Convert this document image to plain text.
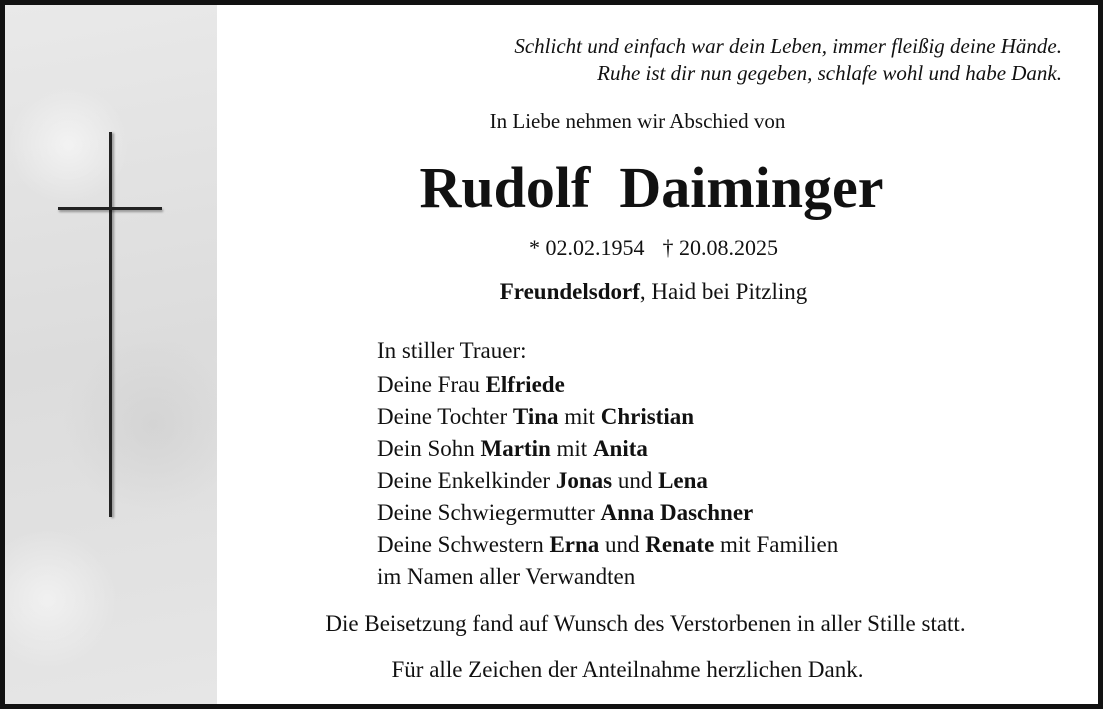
Schlicht und einfach war dein Leben, immer fleißig deine Hände.
Ruhe ist dir nun gegeben, schlafe wohl und habe Dank.
In Liebe nehmen wir Abschied von
Rudolf  Daiminger
* 02.02.1954 † 20.08.2025
Freundelsdorf, Haid bei Pitzling
In stiller Trauer:
Deine Frau Elfriede
Deine Tochter Tina mit Christian
Dein Sohn Martin mit Anita
Deine Enkelkinder Jonas und Lena
Deine Schwiegermutter Anna Daschner
Deine Schwestern Erna und Renate mit Familien
im Namen aller Verwandten
Die Beisetzung fand auf Wunsch des Verstorbenen in aller Stille statt.
Für alle Zeichen der Anteilnahme herzlichen Dank.
